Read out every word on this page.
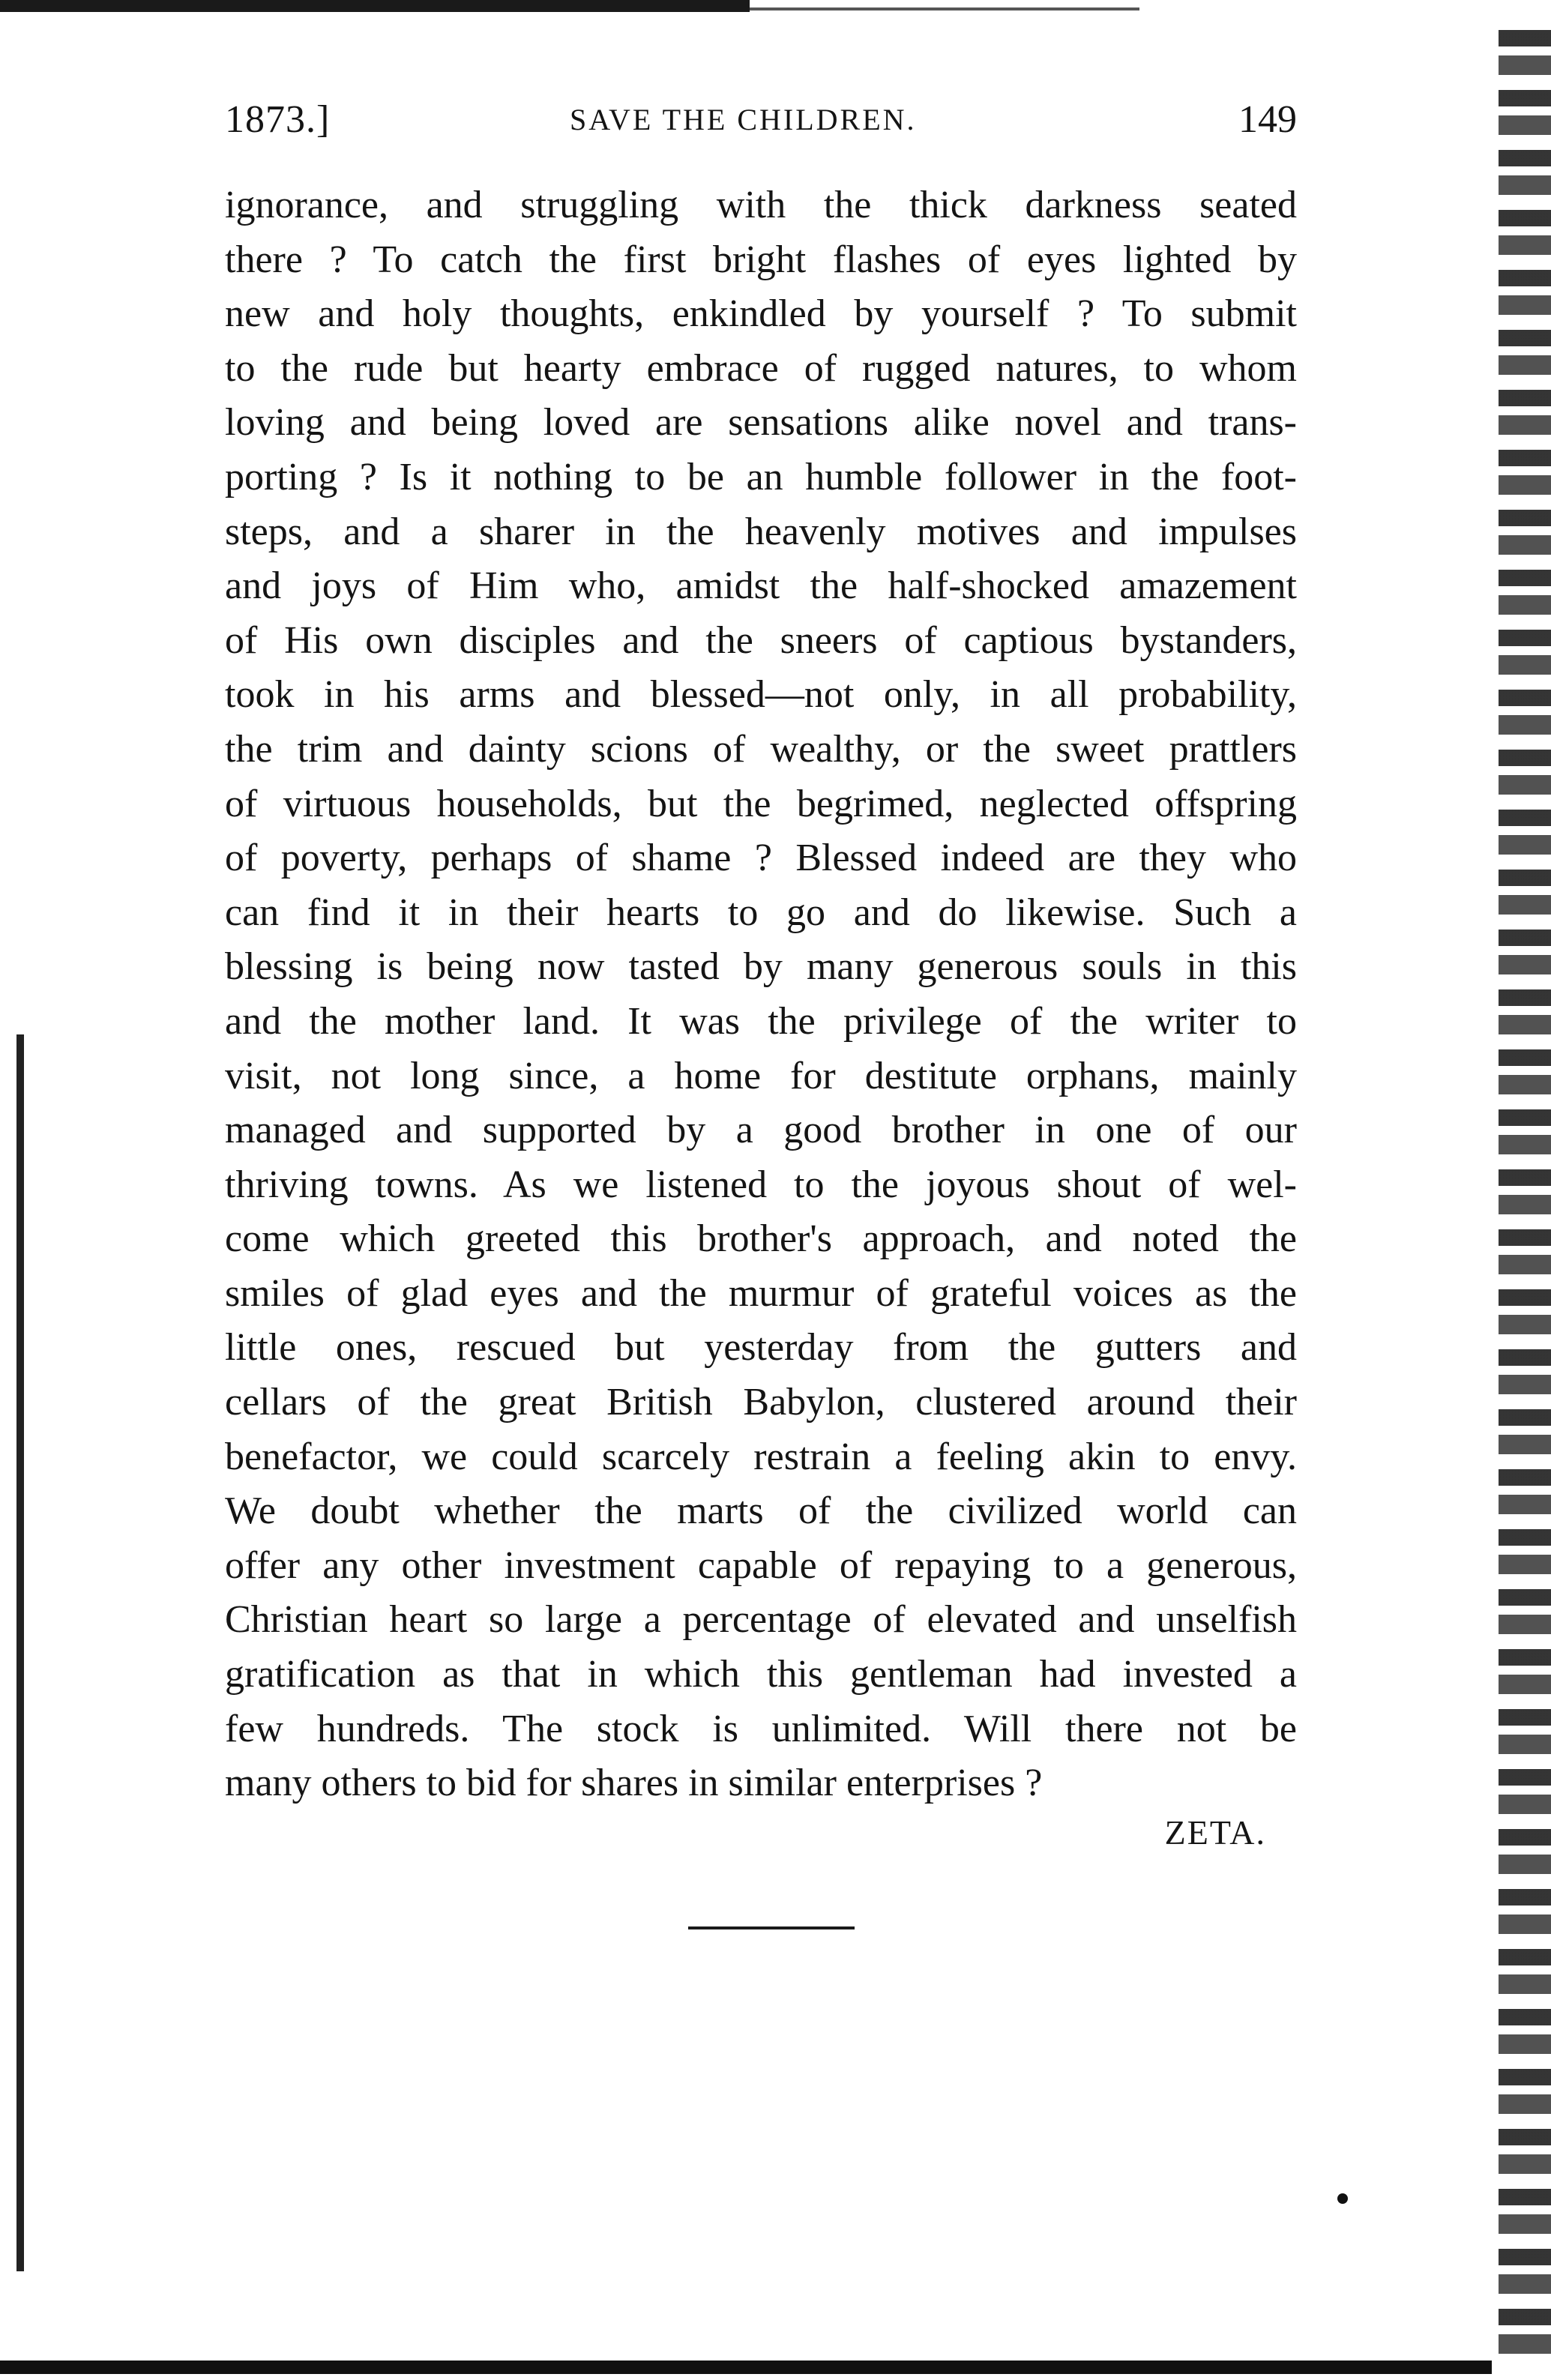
1873.]	SAVE THE CHILDREN.	149
ignorance, and struggling with the thick darkness seated
there ? To catch the first bright flashes of eyes lighted by
new and holy thoughts, enkindled by yourself ? To submit
to the rude but hearty embrace of rugged natures, to whom
loving and being loved are sensations alike novel and trans-
porting ? Is it nothing to be an humble follower in the foot-
steps, and a sharer in the heavenly motives and impulses
and joys of Him who, amidst the half-shocked amazement
of His own disciples and the sneers of captious bystanders,
took in his arms and blessed—not only, in all probability,
the trim and dainty scions of wealthy, or the sweet prattlers
of virtuous households, but the begrimed, neglected offspring
of poverty, perhaps of shame ? Blessed indeed are they who
can find it in their hearts to go and do likewise. Such a
blessing is being now tasted by many generous souls in this
and the mother land. It was the privilege of the writer to
visit, not long since, a home for destitute orphans, mainly
managed and supported by a good brother in one of our
thriving towns. As we listened to the joyous shout of wel-
come which greeted this brother's approach, and noted the
smiles of glad eyes and the murmur of grateful voices as the
little ones, rescued but yesterday from the gutters and
cellars of the great British Babylon, clustered around their
benefactor, we could scarcely restrain a feeling akin to envy.
We doubt whether the marts of the civilized world can
offer any other investment capable of repaying to a generous,
Christian heart so large a percentage of elevated and unselfish
gratification as that in which this gentleman had invested a
few hundreds. The stock is unlimited. Will there not be
many others to bid for shares in similar enterprises ?
ZETA.
